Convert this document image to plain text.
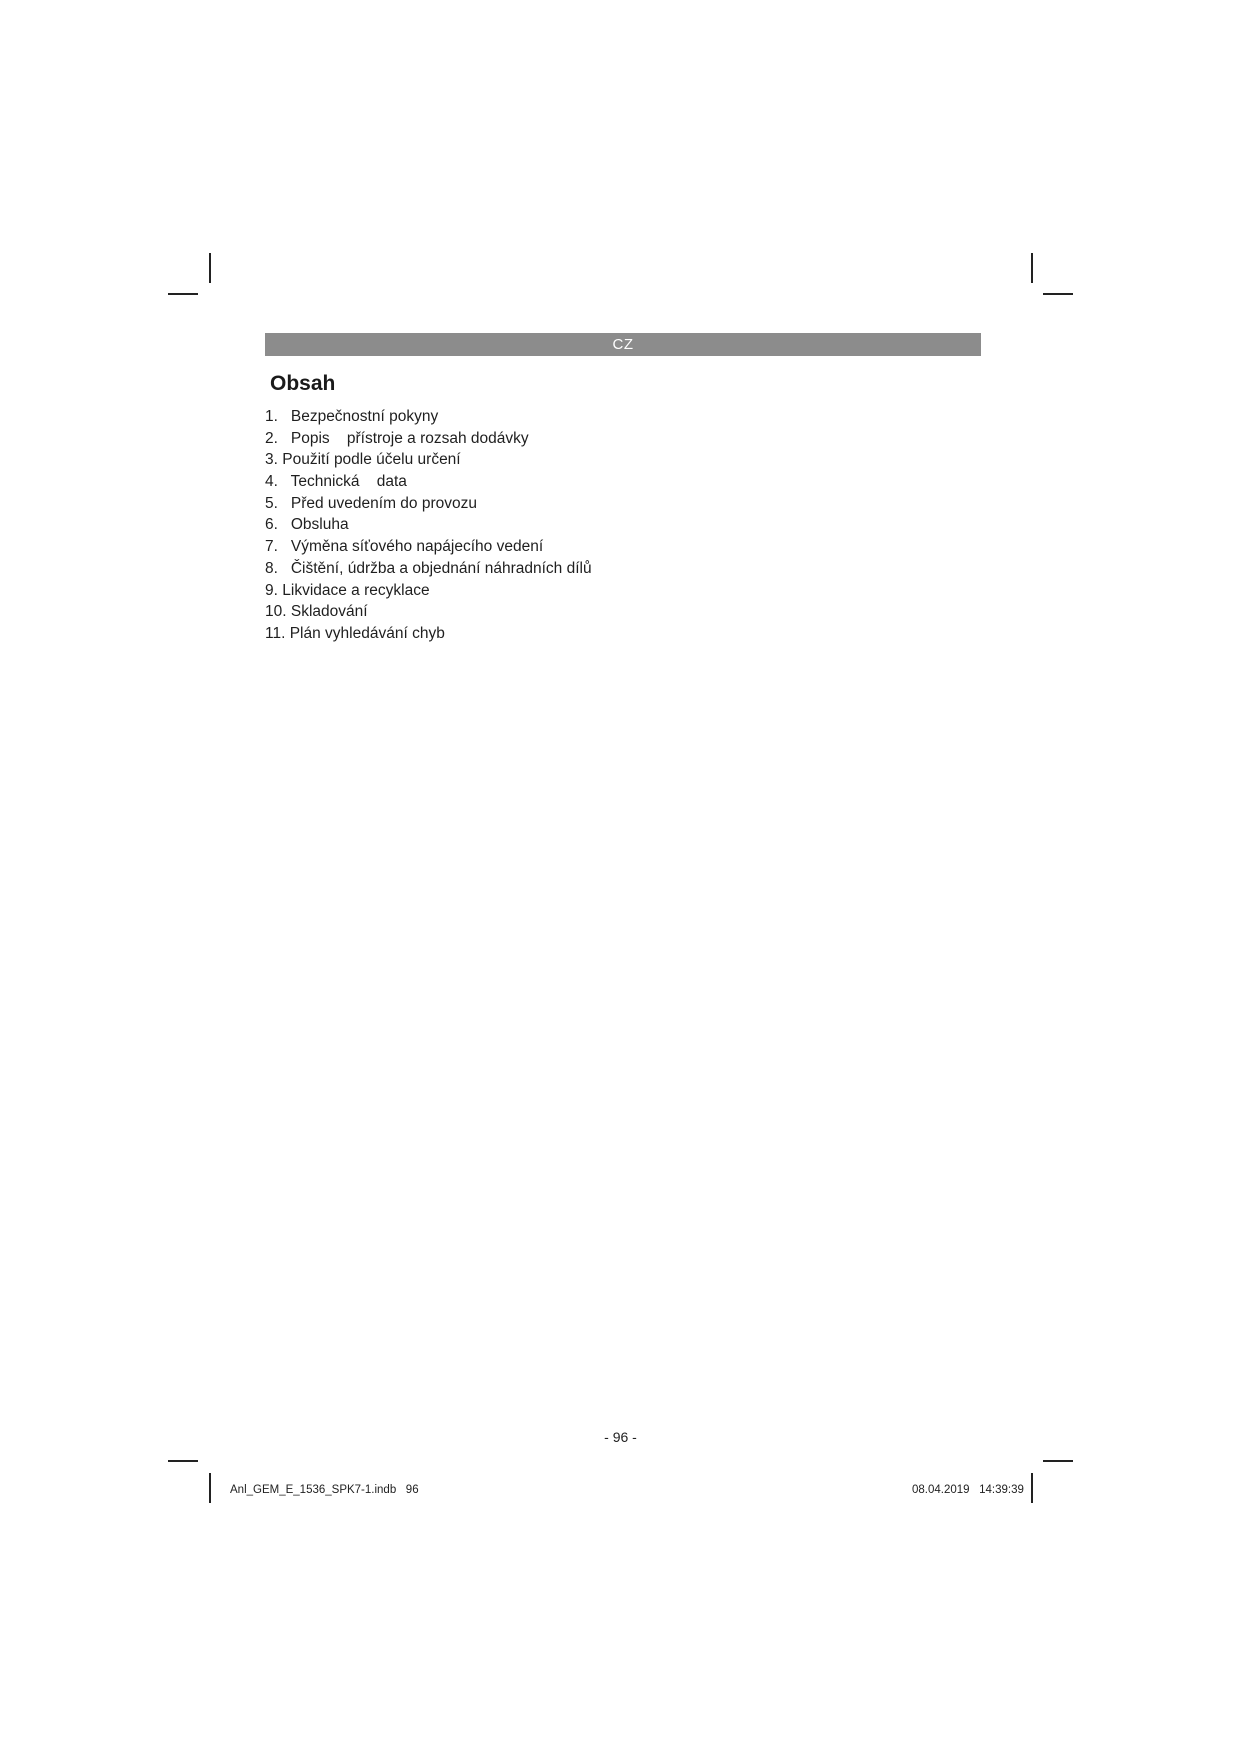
CZ
Obsah
1. Bezpečnostní pokyny
2. Popis    přístroje a rozsah dodávky
3. Použití podle účelu určení
4. Technická    data
5. Před uvedením do provozu
6. Obsluha
7. Výměna síťového napájecího vedení
8. Čištění, údržba a objednání náhradních dílů
9. Likvidace a recyklace
10. Skladování
11. Plán vyhledávání chyb
- 96 -
Anl_GEM_E_1536_SPK7-1.indb   96	08.04.2019   14:39:39
